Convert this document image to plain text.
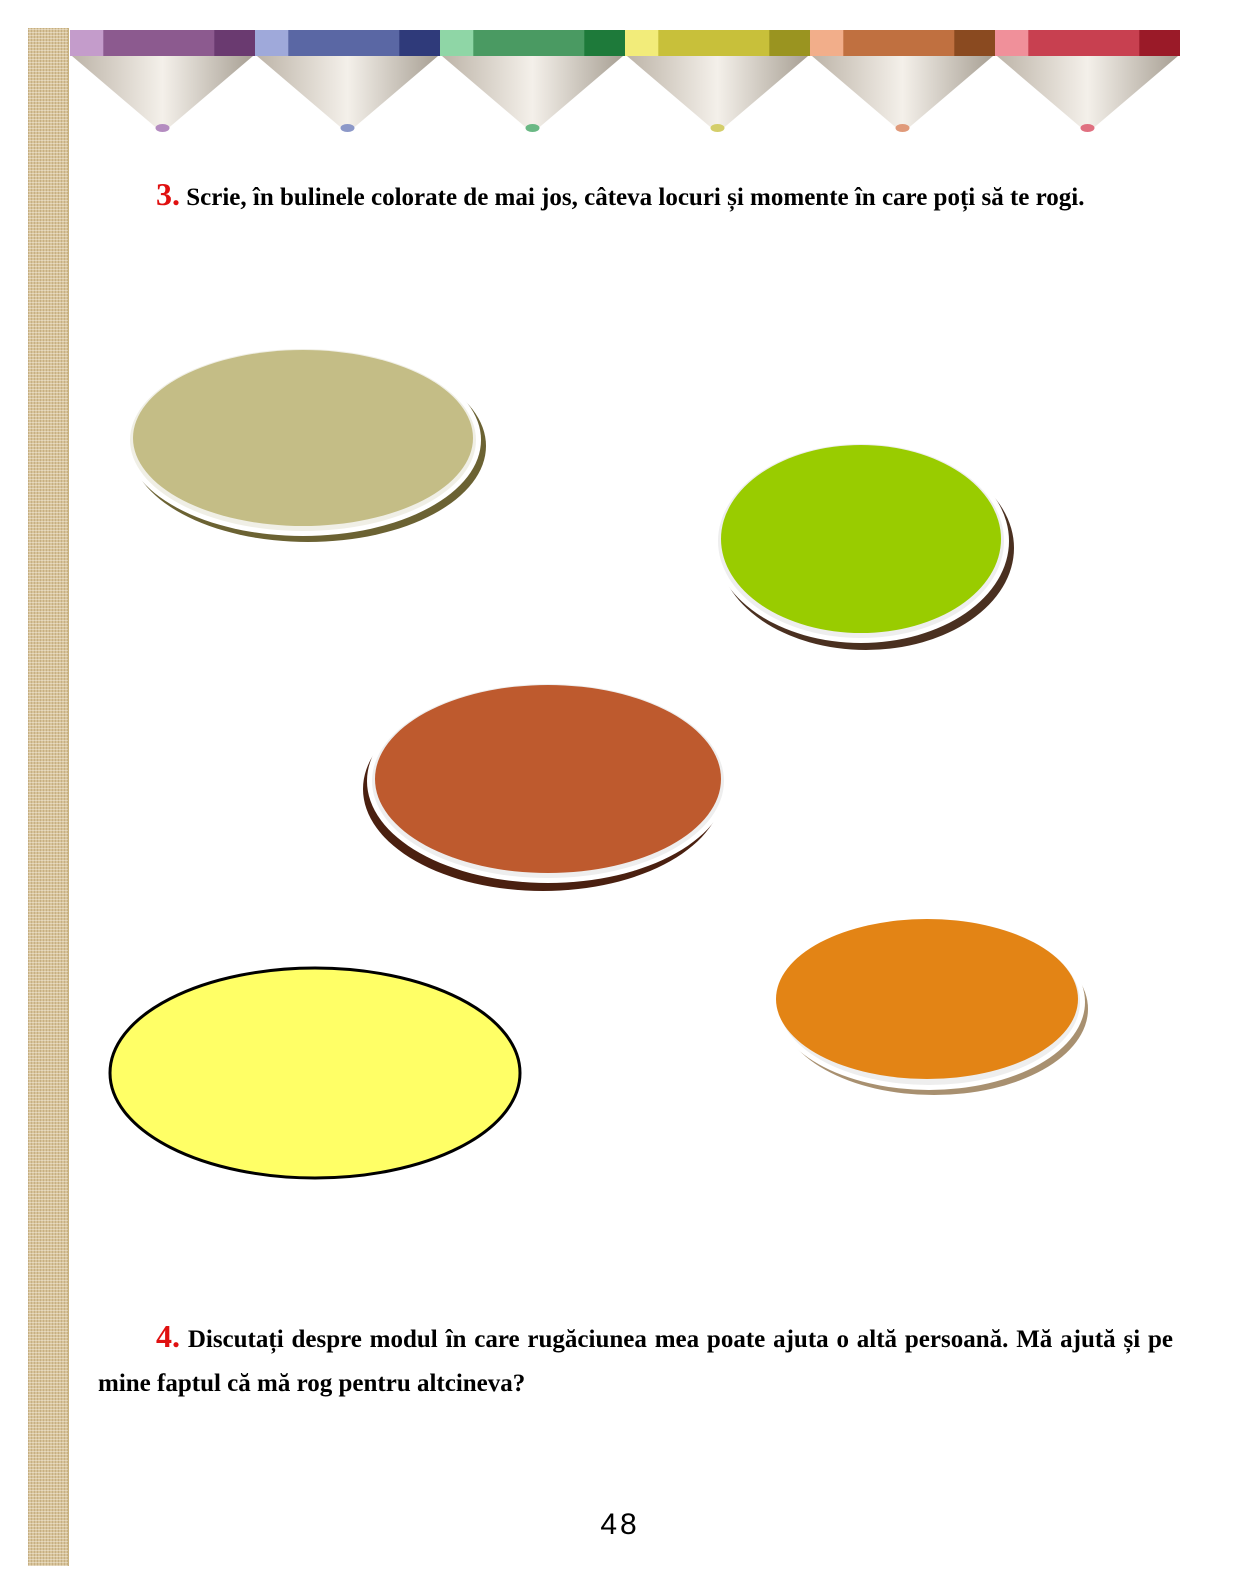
3. Scrie, în bulinele colorate de mai jos, câteva locuri și momente în care poți să te rogi.
4. Discutați despre modul în care rugăciunea mea poate ajuta o altă persoană. Mă ajută și pe mine faptul că mă rog pentru altcineva?
48
